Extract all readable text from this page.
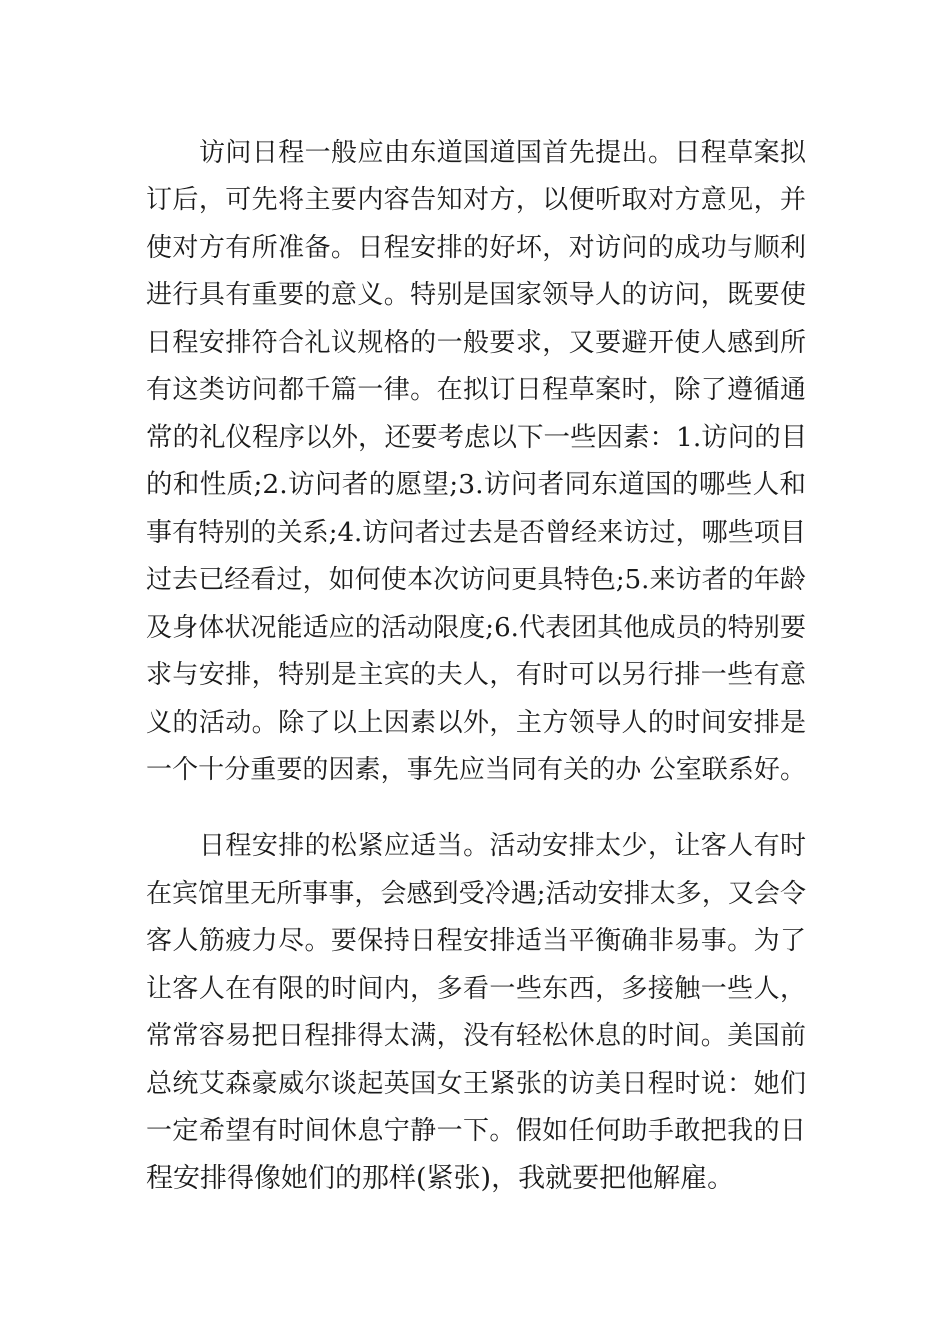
访问日程一般应由东道国道国首先提出。日程草案拟
订后，可先将主要内容告知对方，以便听取对方意见，并
使对方有所准备。日程安排的好坏，对访问的成功与顺利
进行具有重要的意义。特别是国家领导人的访问，既要使
日程安排符合礼议规格的一般要求，又要避开使人感到所
有这类访问都千篇一律。在拟订日程草案时，除了遵循通
常的礼仪程序以外，还要考虑以下一些因素：1.访问的目
的和性质;2.访问者的愿望;3.访问者同东道国的哪些人和
事有特别的关系;4.访问者过去是否曾经来访过，哪些项目
过去已经看过，如何使本次访问更具特色;5.来访者的年龄
及身体状况能适应的活动限度;6.代表团其他成员的特别要
求与安排，特别是主宾的夫人，有时可以另行排一些有意
义的活动。除了以上因素以外，主方领导人的时间安排是
一个十分重要的因素，事先应当同有关的办 公室联系好。
日程安排的松紧应适当。活动安排太少，让客人有时
在宾馆里无所事事，会感到受冷遇;活动安排太多，又会令
客人筋疲力尽。要保持日程安排适当平衡确非易事。为了
让客人在有限的时间内，多看一些东西，多接触一些人，
常常容易把日程排得太满，没有轻松休息的时间。美国前
总统艾森豪威尔谈起英国女王紧张的访美日程时说：她们
一定希望有时间休息宁静一下。假如任何助手敢把我的日
程安排得像她们的那样(紧张)，我就要把他解雇。
